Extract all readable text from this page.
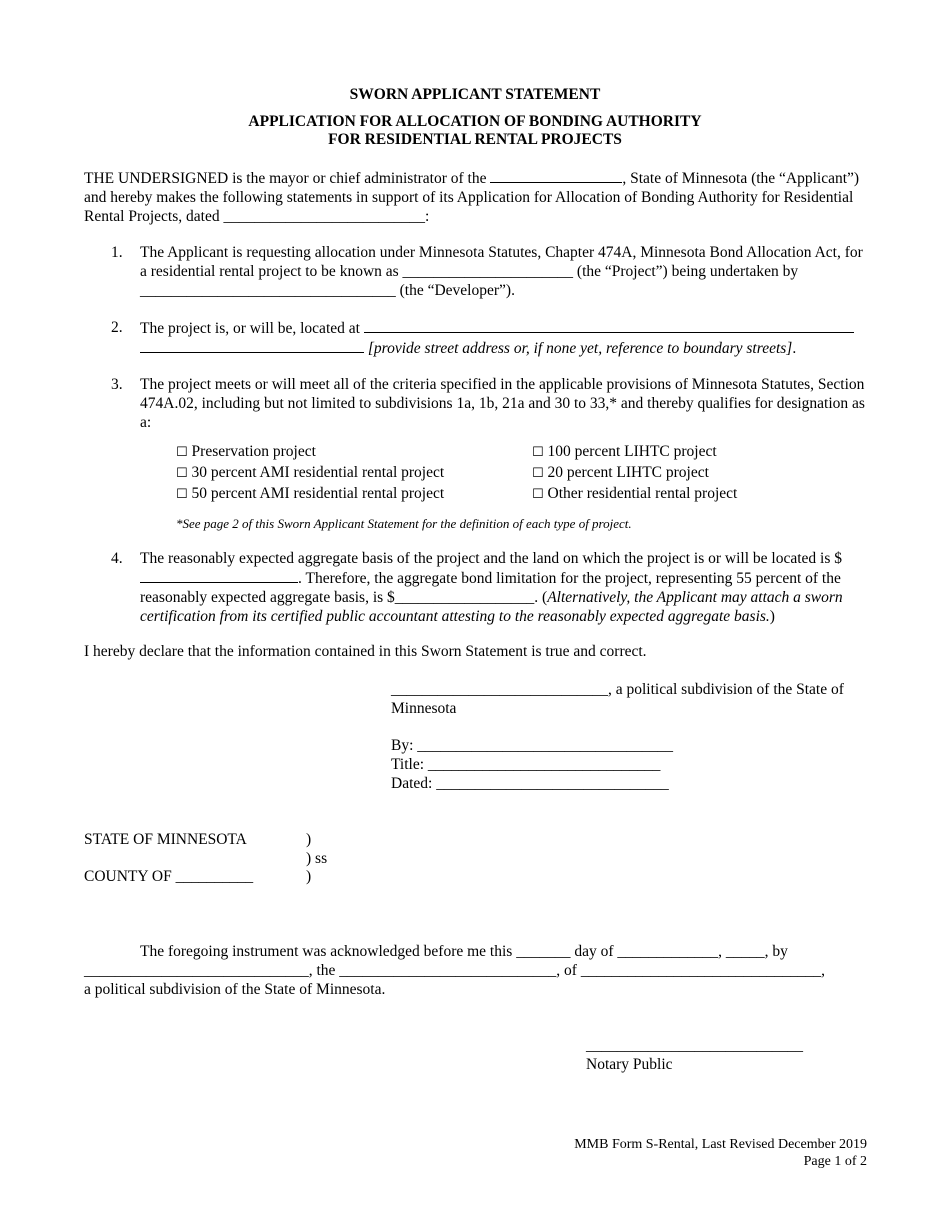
SWORN APPLICANT STATEMENT
APPLICATION FOR ALLOCATION OF BONDING AUTHORITY
FOR RESIDENTIAL RENTAL PROJECTS
THE UNDERSIGNED is the mayor or chief administrator of the	, State of Minnesota (the “Applicant”) and hereby makes the following statements in support of its Application for Allocation of Bonding Authority for Residential Rental Projects, dated __________________________:
1. The Applicant is requesting allocation under Minnesota Statutes, Chapter 474A, Minnesota Bond Allocation Act, for a residential rental project to be known as ______________________ (the “Project”) being undertaken by _________________________________ (the “Developer”).
2. The project is, or will be, located at
[provide street address or, if none yet, reference to boundary streets].
3. The project meets or will meet all of the criteria specified in the applicable provisions of Minnesota Statutes, Section 474A.02, including but not limited to subdivisions 1a, 1b, 21a and 30 to 33,* and thereby qualifies for designation as a:
☐ Preservation project
☐ 30 percent AMI residential rental project
☐ 50 percent AMI residential rental project
☐ 100 percent LIHTC project
☐ 20 percent LIHTC project
☐ Other residential rental project
*See page 2 of this Sworn Applicant Statement for the definition of each type of project.
4. The reasonably expected aggregate basis of the project and the land on which the project is or will be located is $. Therefore, the aggregate bond limitation for the project, representing 55 percent of the reasonably expected aggregate basis, is $__________________. (Alternatively, the Applicant may attach a sworn certification from its certified public accountant attesting to the reasonably expected aggregate basis.)
I hereby declare that the information contained in this Sworn Statement is true and correct.
____________________________, a political subdivision of the State of Minnesota
By: _________________________________
Title: ______________________________
Dated: ______________________________
STATE OF MINNESOTA	)
) ss
COUNTY OF __________	)
The foregoing instrument was acknowledged before me this _______ day of _____________, _____, by
_____________________________, the ____________________________, of _______________________________,
a political subdivision of the State of Minnesota.
____________________________
Notary Public
MMB Form S-Rental, Last Revised December 2019
Page 1 of 2
